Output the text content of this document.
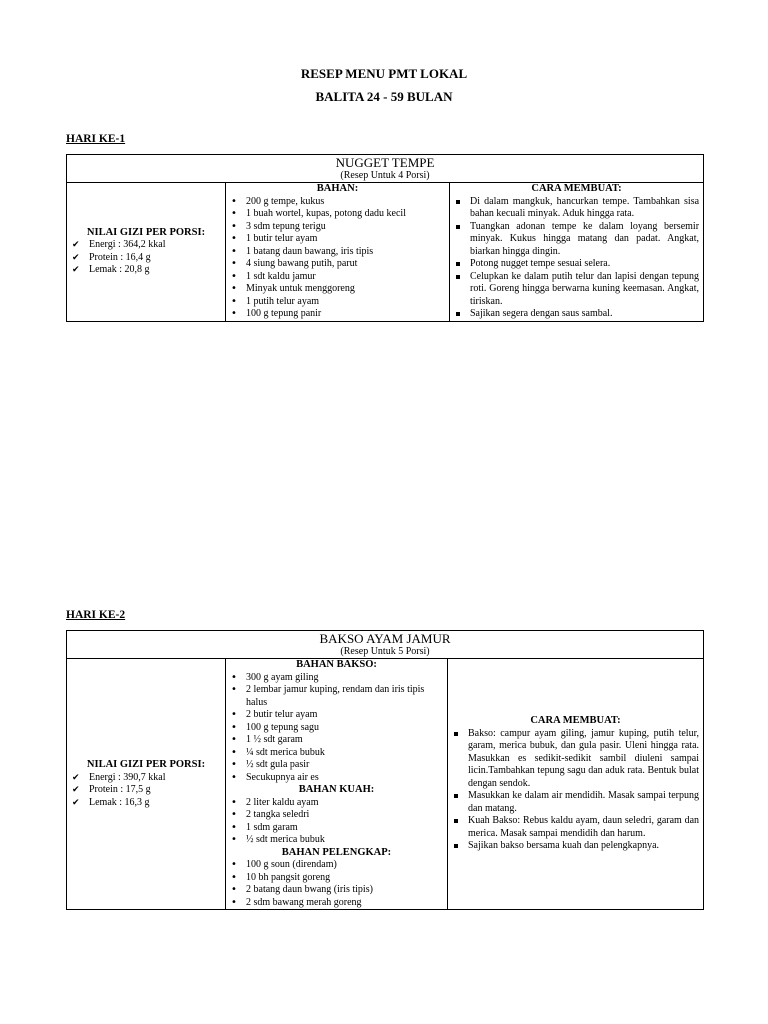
RESEP MENU PMT LOKAL
BALITA 24 - 59 BULAN
HARI KE-1
NUGGET TEMPE
(Resep Untuk 4 Porsi)

NILAI GIZI PER PORSI:
✔ Energi : 364,2 kkal
✔ Protein : 16,4 g
✔ Lemak : 20,8 g

BAHAN:
• 200 g tempe, kukus
• 1 buah wortel, kupas, potong dadu kecil
• 3 sdm tepung terigu
• 1 butir telur ayam
• 1 batang daun bawang, iris tipis
• 4 siung bawang putih, parut
• 1 sdt kaldu jamur
• Minyak untuk menggoreng
• 1 putih telur ayam
• 100 g tepung panir

CARA MEMBUAT:
Di dalam mangkuk, hancurkan tempe. Tambahkan sisa bahan kecuali minyak. Aduk hingga rata.
Tuangkan adonan tempe ke dalam loyang bersemir minyak. Kukus hingga matang dan padat. Angkat, biarkan hingga dingin.
Potong nugget tempe sesuai selera.
Celupkan ke dalam putih telur dan lapisi dengan tepung roti. Goreng hingga berwarna kuning keemasan. Angkat, tiriskan.
Sajikan segera dengan saus sambal.
HARI KE-2
BAKSO AYAM JAMUR
(Resep Untuk 5 Porsi)

NILAI GIZI PER PORSI:
✔ Energi : 390,7 kkal
✔ Protein : 17,5 g
✔ Lemak : 16,3 g

BAHAN BAKSO:
• 300 g ayam giling
• 2 lembar jamur kuping, rendam dan iris tipis halus
• 2 butir telur ayam
• 100 g tepung sagu
• 1 ½ sdt garam
• ¼ sdt merica bubuk
• ½ sdt gula pasir
• Secukupnya air es
BAHAN KUAH:
• 2 liter kaldu ayam
• 2 tangka seledri
• 1 sdm garam
• ½ sdt merica bubuk
BAHAN PELENGKAP:
• 100 g soun (direndam)
• 10 bh pangsit goreng
• 2 batang daun bwang (iris tipis)
• 2 sdm bawang merah goreng

CARA MEMBUAT:
Bakso: campur ayam giling, jamur kuping, putih telur, garam, merica bubuk, dan gula pasir. Uleni hingga rata. Masukkan es sedikit-sedikit sambil diuleni sampai licin.Tambahkan tepung sagu dan aduk rata. Bentuk bulat dengan sendok.
Masukkan ke dalam air mendidih. Masak sampai terpung dan matang.
Kuah Bakso: Rebus kaldu ayam, daun seledri, garam dan merica. Masak sampai mendidih dan harum.
Sajikan bakso bersama kuah dan pelengkapnya.
